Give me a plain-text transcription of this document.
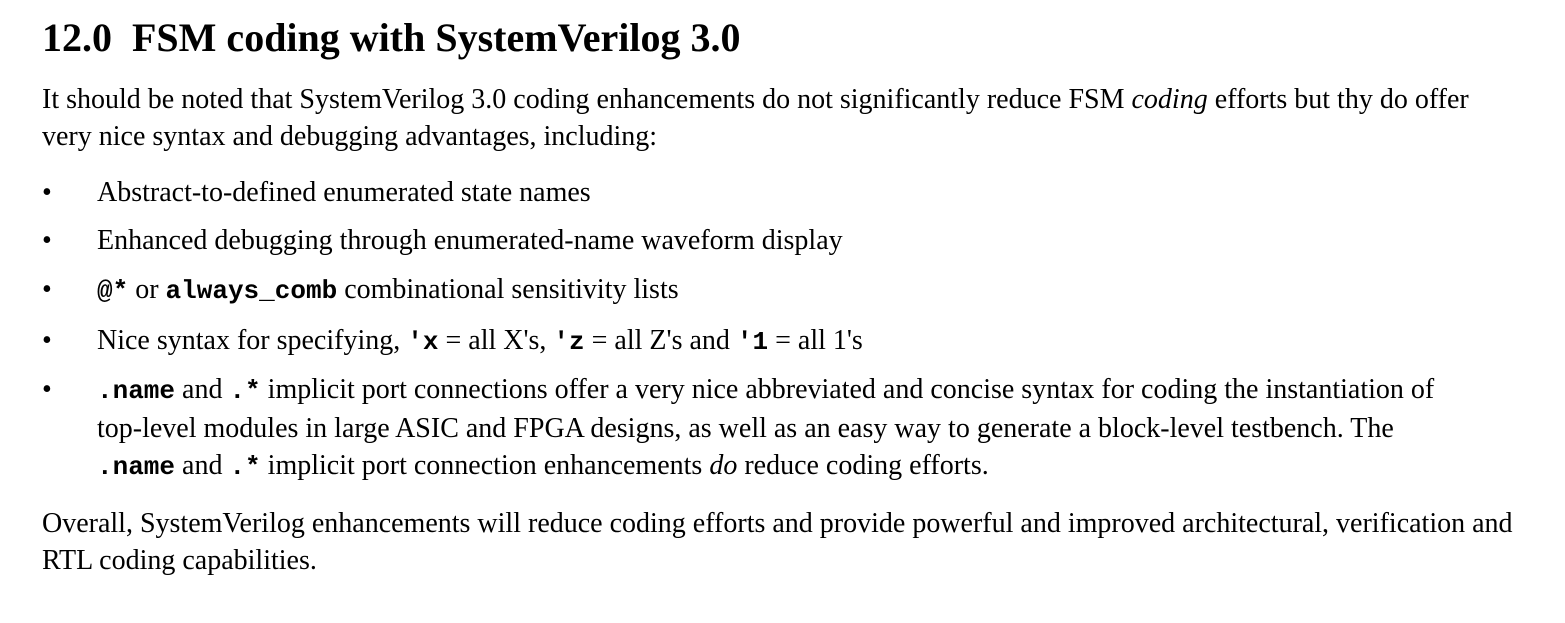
12.0 FSM coding with SystemVerilog 3.0

It should be noted that SystemVerilog 3.0 coding enhancements do not significantly reduce FSM coding efforts but thy do offer very nice syntax and debugging advantages, including:

•	Abstract-to-defined enumerated state names
•	Enhanced debugging through enumerated-name waveform display
•	@* or always_comb combinational sensitivity lists
•	Nice syntax for specifying, 'x = all X's, 'z = all Z's and '1 = all 1's
•	.name and .* implicit port connections offer a very nice abbreviated and concise syntax for coding the instantiation of top-level modules in large ASIC and FPGA designs, as well as an easy way to generate a block-level testbench. The .name and .* implicit port connection enhancements do reduce coding efforts.

Overall, SystemVerilog enhancements will reduce coding efforts and provide powerful and improved architectural, verification and RTL coding capabilities.
